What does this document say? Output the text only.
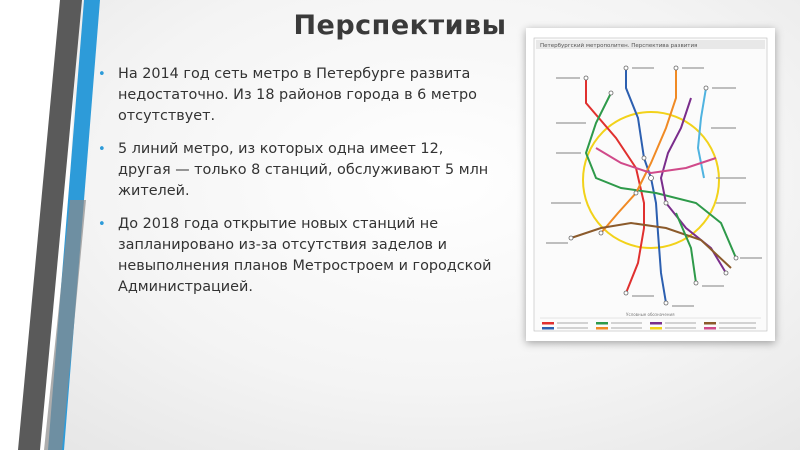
Перспективы
• На 2014 год сеть метро в Петербурге развита недостаточно. Из 18 районов города в 6 метро отсутствует.
• 5 линий метро, из которых одна имеет 12, другая — только 8 станций, обслуживают 5 млн жителей.
• До 2018 года открытие новых станций не запланировано из-за отсутствия заделов и невыполнения планов Метростроем и городской Администрацией.
Петербургский метрополитен. Перспектива развития
Условные обозначения
